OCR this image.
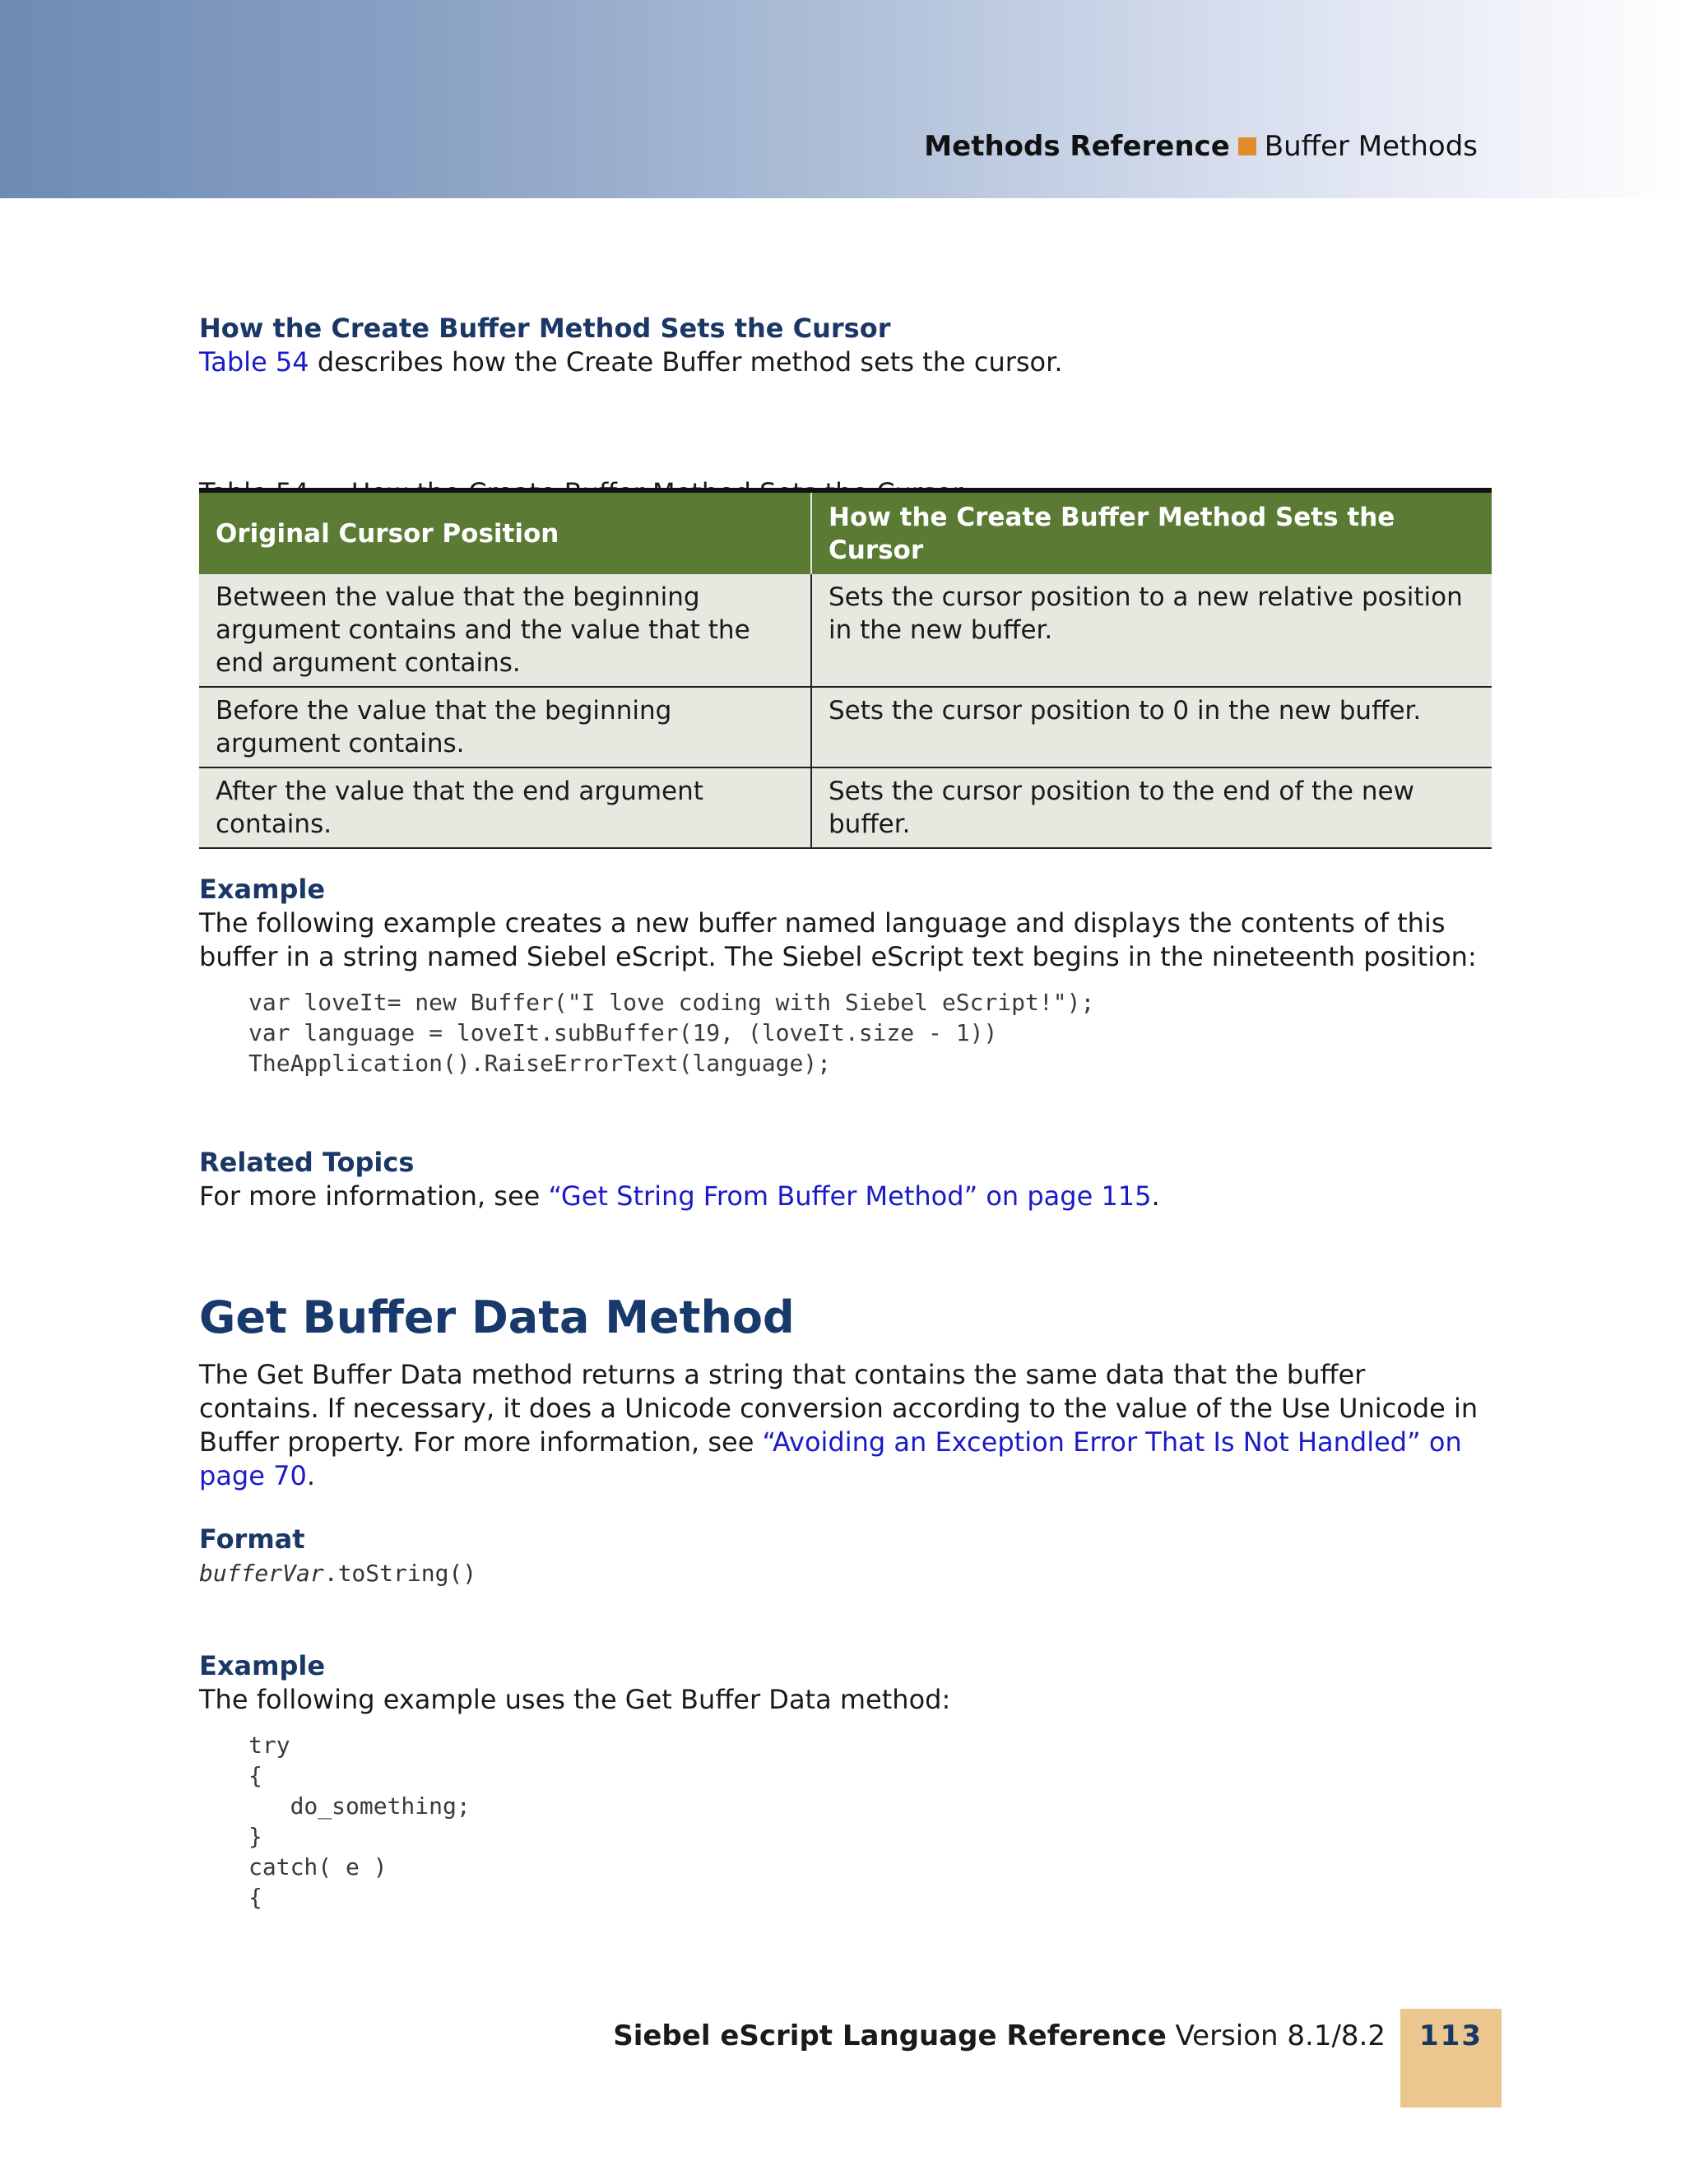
Methods Reference Buffer Methods

How the Create Buffer Method Sets the Cursor

Table 54 describes how the Create Buffer method sets the cursor.

Original Cursor Position	How the Create Buffer Method Sets the Cursor
Between the value that the beginning argument contains and the value that the end argument contains.	Sets the cursor position to a new relative position in the new buffer.
Before the value that the beginning argument contains.	Sets the cursor position to 0 in the new buffer.
After the value that the end argument contains.	Sets the cursor position to the end of the new buffer.

Example

The following example creates a new buffer named language and displays the contents of this buffer in a string named Siebel eScript. The Siebel eScript text begins in the nineteenth position:

var loveIt= new Buffer("I love coding with Siebel eScript!");
var language = loveIt.subBuffer(19, (loveIt.size - 1))
TheApplication().RaiseErrorText(language);

Related Topics

For more information, see “Get String From Buffer Method” on page 115.

Get Buffer Data Method

The Get Buffer Data method returns a string that contains the same data that the buffer contains. If necessary, it does a Unicode conversion according to the value of the Use Unicode in Buffer property. For more information, see “Avoiding an Exception Error That Is Not Handled” on page 70.

Format

bufferVar.toString()

Example

The following example uses the Get Buffer Data method:

try
{
do_something;
}
catch( e )
{
Siebel eScript Language Reference Version 8.1/8.2	113
